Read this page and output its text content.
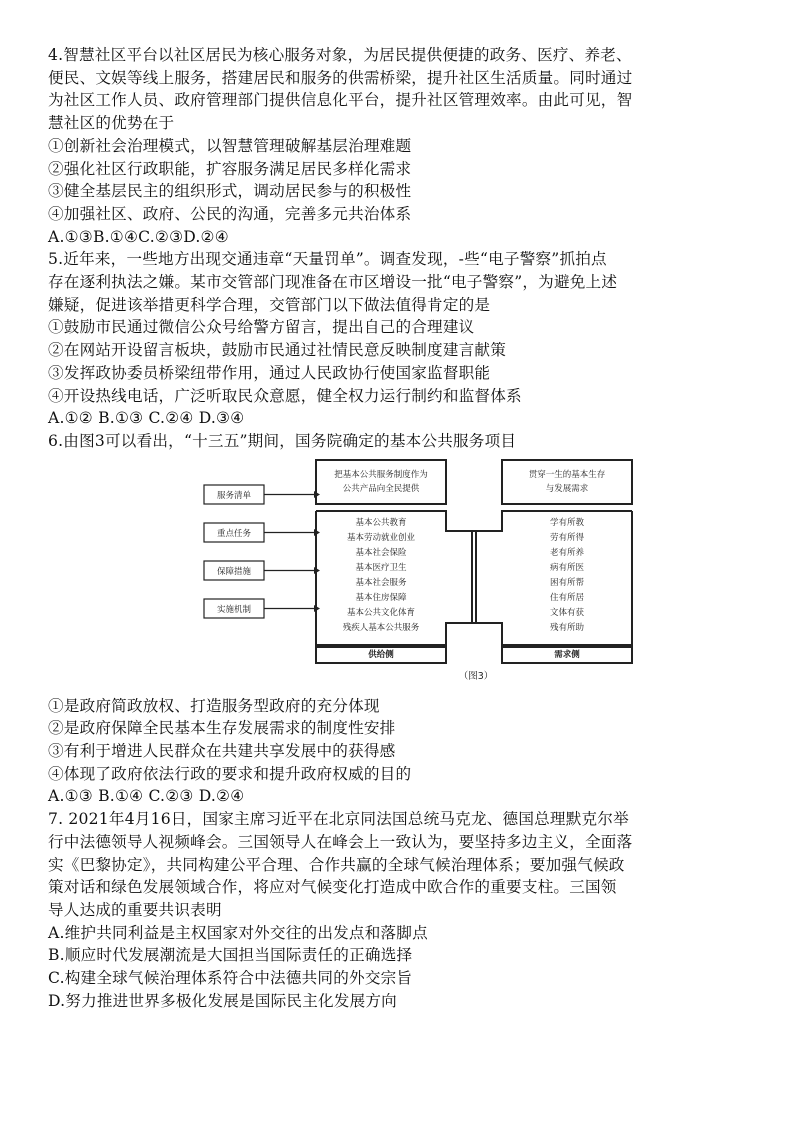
4.智慧社区平台以社区居民为核心服务对象，为居民提供便捷的政务、医疗、养老、
便民、文娱等线上服务，搭建居民和服务的供需桥梁，提升社区生活质量。同时通过
为社区工作人员、政府管理部门提供信息化平台，提升社区管理效率。由此可见，智
慧社区的优势在于
①创新社会治理模式，以智慧管理破解基层治理难题
②强化社区行政职能，扩容服务满足居民多样化需求
③健全基层民主的组织形式，调动居民参与的积极性
④加强社区、政府、公民的沟通，完善多元共治体系
A.①③B.①④C.②③D.②④
5.近年来，一些地方出现交通违章“天量罚单”。调查发现，-些“电子警察”抓拍点
存在逐利执法之嫌。某市交管部门现准备在市区增设一批“电子警察”，为避免上述
嫌疑，促进该举措更科学合理，交管部门以下做法值得肯定的是
①鼓励市民通过微信公众号给警方留言，提出自己的合理建议
②在网站开设留言板块，鼓励市民通过社情民意反映制度建言献策
③发挥政协委员桥梁纽带作用，通过人民政协行使国家监督职能
④开设热线电话，广泛听取民众意愿，健全权力运行制约和监督体系
A.①② B.①③ C.②④ D.③④
6.由图3可以看出，“十三五”期间，国务院确定的基本公共服务项目
服务清单
重点任务
保障措施
实施机制
把基本公共服务制度作为
公共产品向全民提供
基本公共教育
基本劳动就业创业
基本社会保险
基本医疗卫生
基本社会服务
基本住房保障
基本公共文化体育
残疾人基本公共服务
供给侧
贯穿一生的基本生存
与发展需求
学有所教
劳有所得
老有所养
病有所医
困有所帮
住有所居
文体有获
残有所助
需求侧
（图3）
①是政府简政放权、打造服务型政府的充分体现
②是政府保障全民基本生存发展需求的制度性安排
③有利于增进人民群众在共建共享发展中的获得感
④体现了政府依法行政的要求和提升政府权威的目的
A.①③ B.①④ C.②③ D.②④
7. 2021年4月16日，国家主席习近平在北京同法国总统马克龙、德国总理默克尔举
行中法德领导人视频峰会。三国领导人在峰会上一致认为，要坚持多边主义，全面落
实《巴黎协定》，共同构建公平合理、合作共赢的全球气候治理体系；要加强气候政
策对话和绿色发展领域合作，将应对气候变化打造成中欧合作的重要支柱。三国领
导人达成的重要共识表明
A.维护共同利益是主权国家对外交往的出发点和落脚点
B.顺应时代发展潮流是大国担当国际责任的正确选择
C.构建全球气候治理体系符合中法德共同的外交宗旨
D.努力推进世界多极化发展是国际民主化发展方向
